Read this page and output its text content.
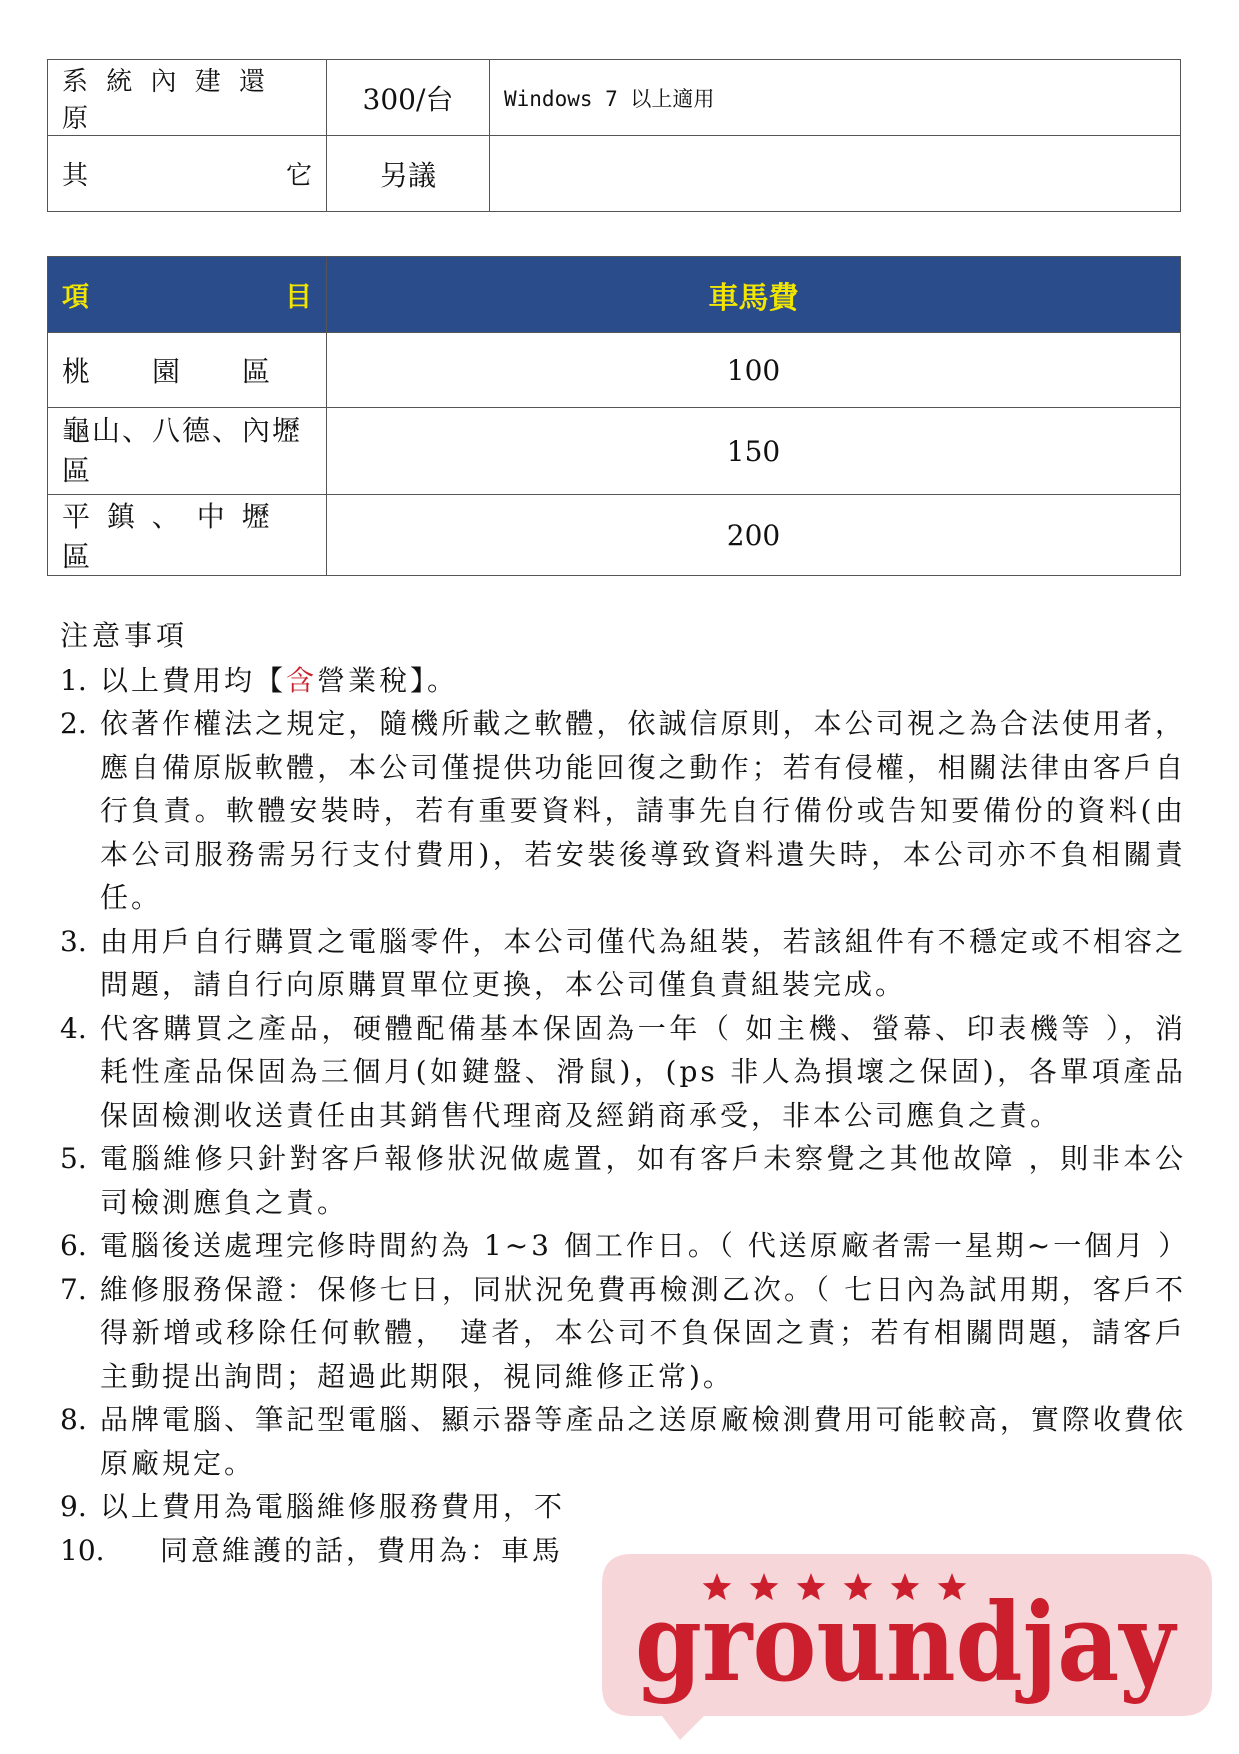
系 統 內 建 還 原	300/台	Windows 7 以上適用

其 它	另議	
項 目	車馬費
桃　　園　　區	100

龜山、八德、內壢
區	150
平 鎮 、 中 壢 區	200
注意事項
1. 以上費用均【含營業稅】。
2. 依著作權法之規定，隨機所載之軟體，依誠信原則，本公司視之為合法使用者，應自備原版軟體，本公司僅提供功能回復之動作；若有侵權，相關法律由客戶自行負責。軟體安裝時，若有重要資料，請事先自行備份或告知要備份的資料(由本公司服務需另行支付費用)，若安裝後導致資料遺失時，本公司亦不負相關責任。
3. 由用戶自行購買之電腦零件，本公司僅代為組裝，若該組件有不穩定或不相容之問題，請自行向原購買單位更換，本公司僅負責組裝完成。
4. 代客購買之產品，硬體配備基本保固為一年（ 如主機、螢幕、印表機等 ），消耗性產品保固為三個月(如鍵盤、滑鼠)，(ps 非人為損壞之保固)，各單項產品保固檢測收送責任由其銷售代理商及經銷商承受，非本公司應負之責。
5. 電腦維修只針對客戶報修狀況做處置，如有客戶未察覺之其他故障 ，則非本公司檢測應負之責。
6. 電腦後送處理完修時間約為 1~3 個工作日。（ 代送原廠者需一星期~一個月 ）
7. 維修服務保證：保修七日，同狀況免費再檢測乙次。（ 七日內為試用期，客戶不得新增或移除任何軟體， 違者，本公司不負保固之責；若有相關問題，請客戶主動提出詢問；超過此期限，視同維修正常)。
8. 品牌電腦、筆記型電腦、顯示器等產品之送原廠檢測費用可能較高，實際收費依原廠規定。
9. 以上費用為電腦維修服務費用，不
10.	同意維護的話，費用為：車馬
groundjay
